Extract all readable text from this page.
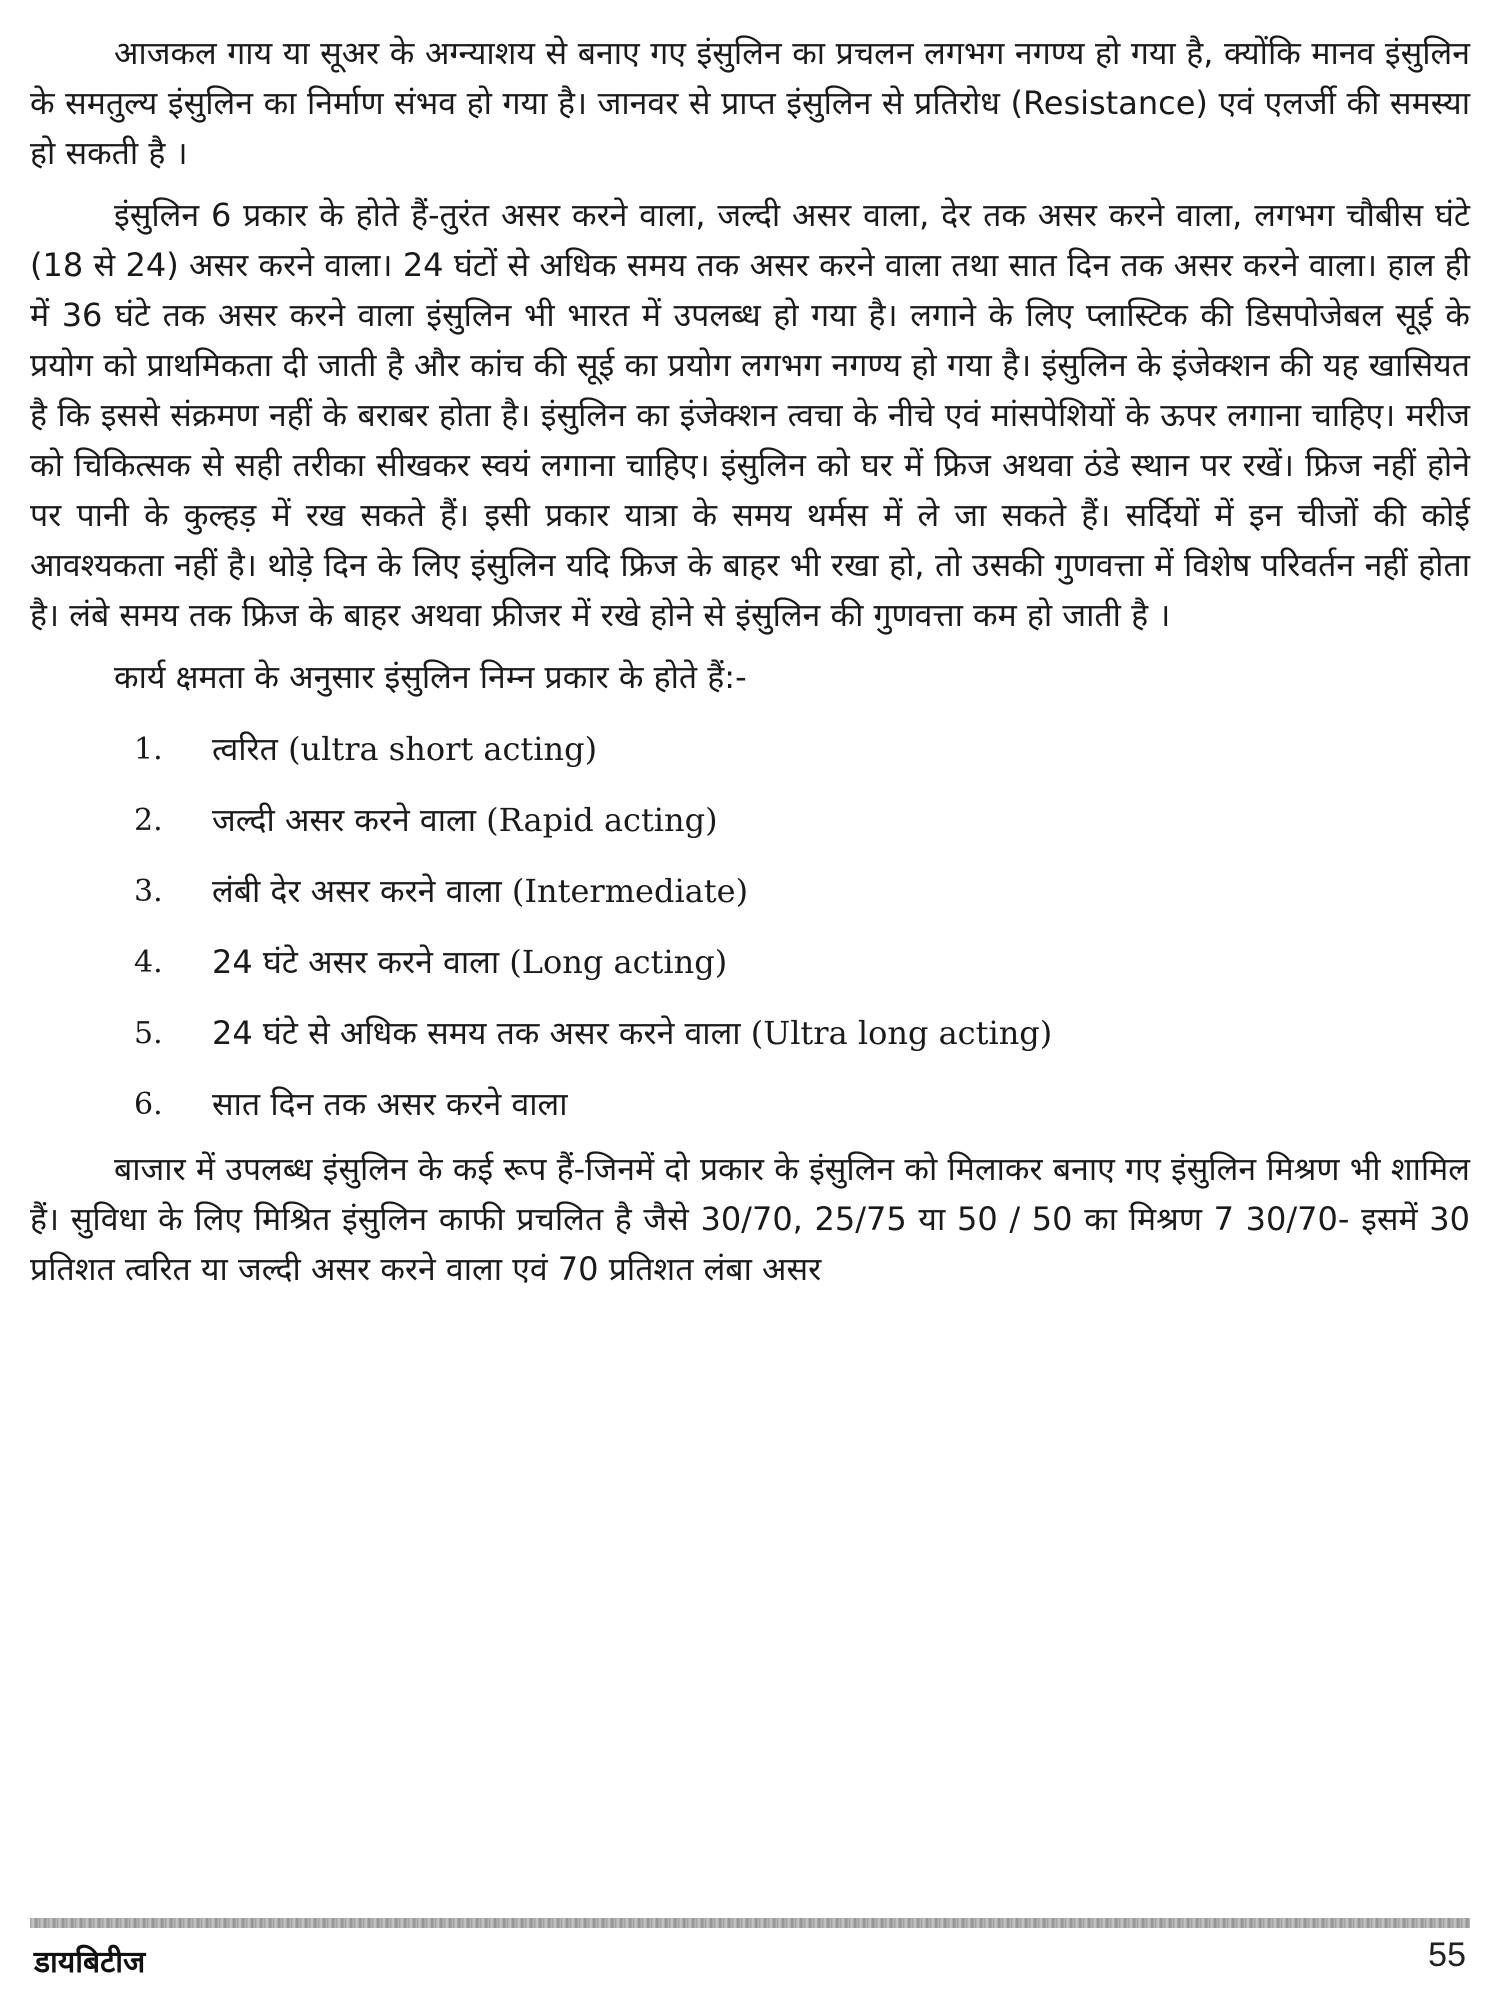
आजकल गाय या सूअर के अग्न्याशय से बनाए गए इंसुलिन का प्रचलन लगभग नगण्य हो गया है, क्योंकि मानव इंसुलिन के समतुल्य इंसुलिन का निर्माण संभव हो गया है। जानवर से प्राप्त इंसुलिन से प्रतिरोध (Resistance) एवं एलर्जी की समस्या हो सकती है ।

इंसुलिन 6 प्रकार के होते हैं-तुरंत असर करने वाला, जल्दी असर वाला, देर तक असर करने वाला, लगभग चौबीस घंटे (18 से 24) असर करने वाला। 24 घंटों से अधिक समय तक असर करने वाला तथा सात दिन तक असर करने वाला। हाल ही में 36 घंटे तक असर करने वाला इंसुलिन भी भारत में उपलब्ध हो गया है। लगाने के लिए प्लास्टिक की डिसपोजेबल सूई के प्रयोग को प्राथमिकता दी जाती है और कांच की सूई का प्रयोग लगभग नगण्य हो गया है। इंसुलिन के इंजेक्शन की यह खासियत है कि इससे संक्रमण नहीं के बराबर होता है। इंसुलिन का इंजेक्शन त्वचा के नीचे एवं मांसपेशियों के ऊपर लगाना चाहिए। मरीज को चिकित्सक से सही तरीका सीखकर स्वयं लगाना चाहिए। इंसुलिन को घर में फ्रिज अथवा ठंडे स्थान पर रखें। फ्रिज नहीं होने पर पानी के कुल्हड़ में रख सकते हैं। इसी प्रकार यात्रा के समय थर्मस में ले जा सकते हैं। सर्दियों में इन चीजों की कोई आवश्यकता नहीं है। थोड़े दिन के लिए इंसुलिन यदि फ्रिज के बाहर भी रखा हो, तो उसकी गुणवत्ता में विशेष परिवर्तन नहीं होता है। लंबे समय तक फ्रिज के बाहर अथवा फ्रीजर में रखे होने से इंसुलिन की गुणवत्ता कम हो जाती है ।

कार्य क्षमता के अनुसार इंसुलिन निम्न प्रकार के होते हैं:-

1.	त्वरित (ultra short acting)
2.	जल्दी असर करने वाला (Rapid acting)
3.	लंबी देर असर करने वाला (Intermediate)
4.	24 घंटे असर करने वाला (Long acting)
5.	24 घंटे से अधिक समय तक असर करने वाला (Ultra long acting)
6.	सात दिन तक असर करने वाला

बाजार में उपलब्ध इंसुलिन के कई रूप हैं-जिनमें दो प्रकार के इंसुलिन को मिलाकर बनाए गए इंसुलिन मिश्रण भी शामिल हैं। सुविधा के लिए मिश्रित इंसुलिन काफी प्रचलित है जैसे 30/70, 25/75 या 50 / 50 का मिश्रण 7 30/70- इसमें 30 प्रतिशत त्वरित या जल्दी असर करने वाला एवं 70 प्रतिशत लंबा असर

डायबिटीज	55
